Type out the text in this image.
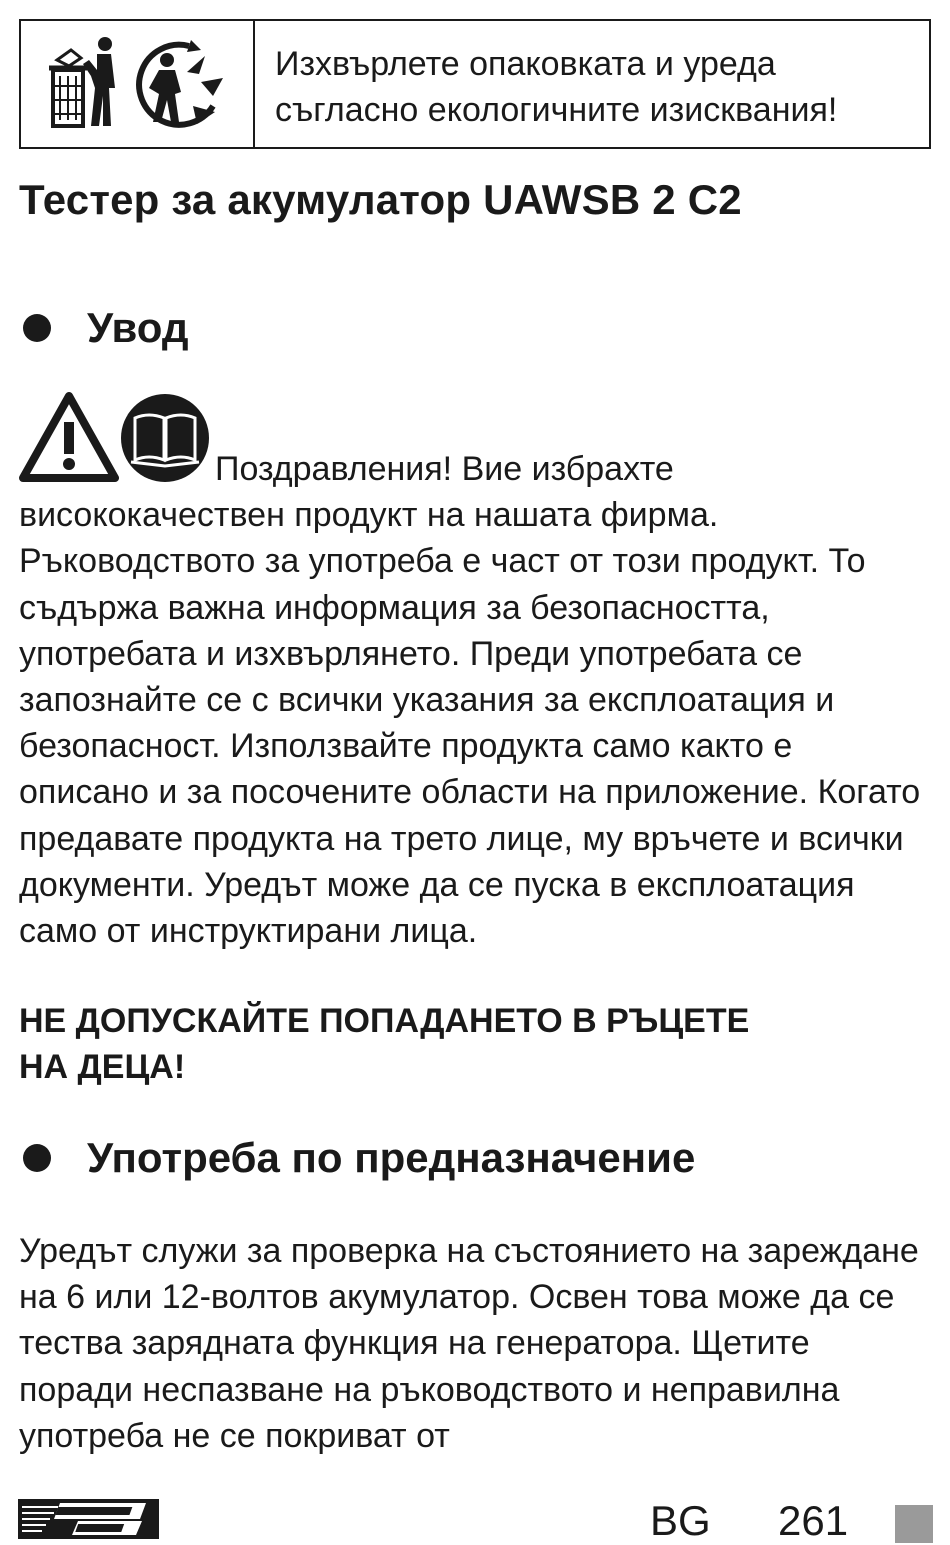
Изхвърлете опаковката и уреда
съгласно екологичните изисквания!
Тестер за акумулатор UAWSB 2 C2
Увод

Поздравления! Вие избрахте висококачествен продукт на нашата фирма. Ръководството за употреба е част от този продукт. То съдържа важна информация за безопасността, употребата и изхвърлянето. Преди употребата се запознайте се с всички указания за експлоатация и безопасност. Използвайте продукта само както е описано и за посочените области на приложение. Когато предавате продукта на трето лице, му връчете и всички документи. Уредът може да се пуска в експлоатация само от инструктирани лица.

НЕ ДОПУСКАЙТЕ ПОПАДАНЕТО В РЪЦЕТЕ
НА ДЕЦА!
Употреба по предназначение

Уредът служи за проверка на състоянието на зареждане на 6 или 12-волтов акумулатор. Освен това може да се тества зарядната функция на генератора. Щетите поради неспазване на ръководството и неправилна употреба не се покриват от

BG 261
